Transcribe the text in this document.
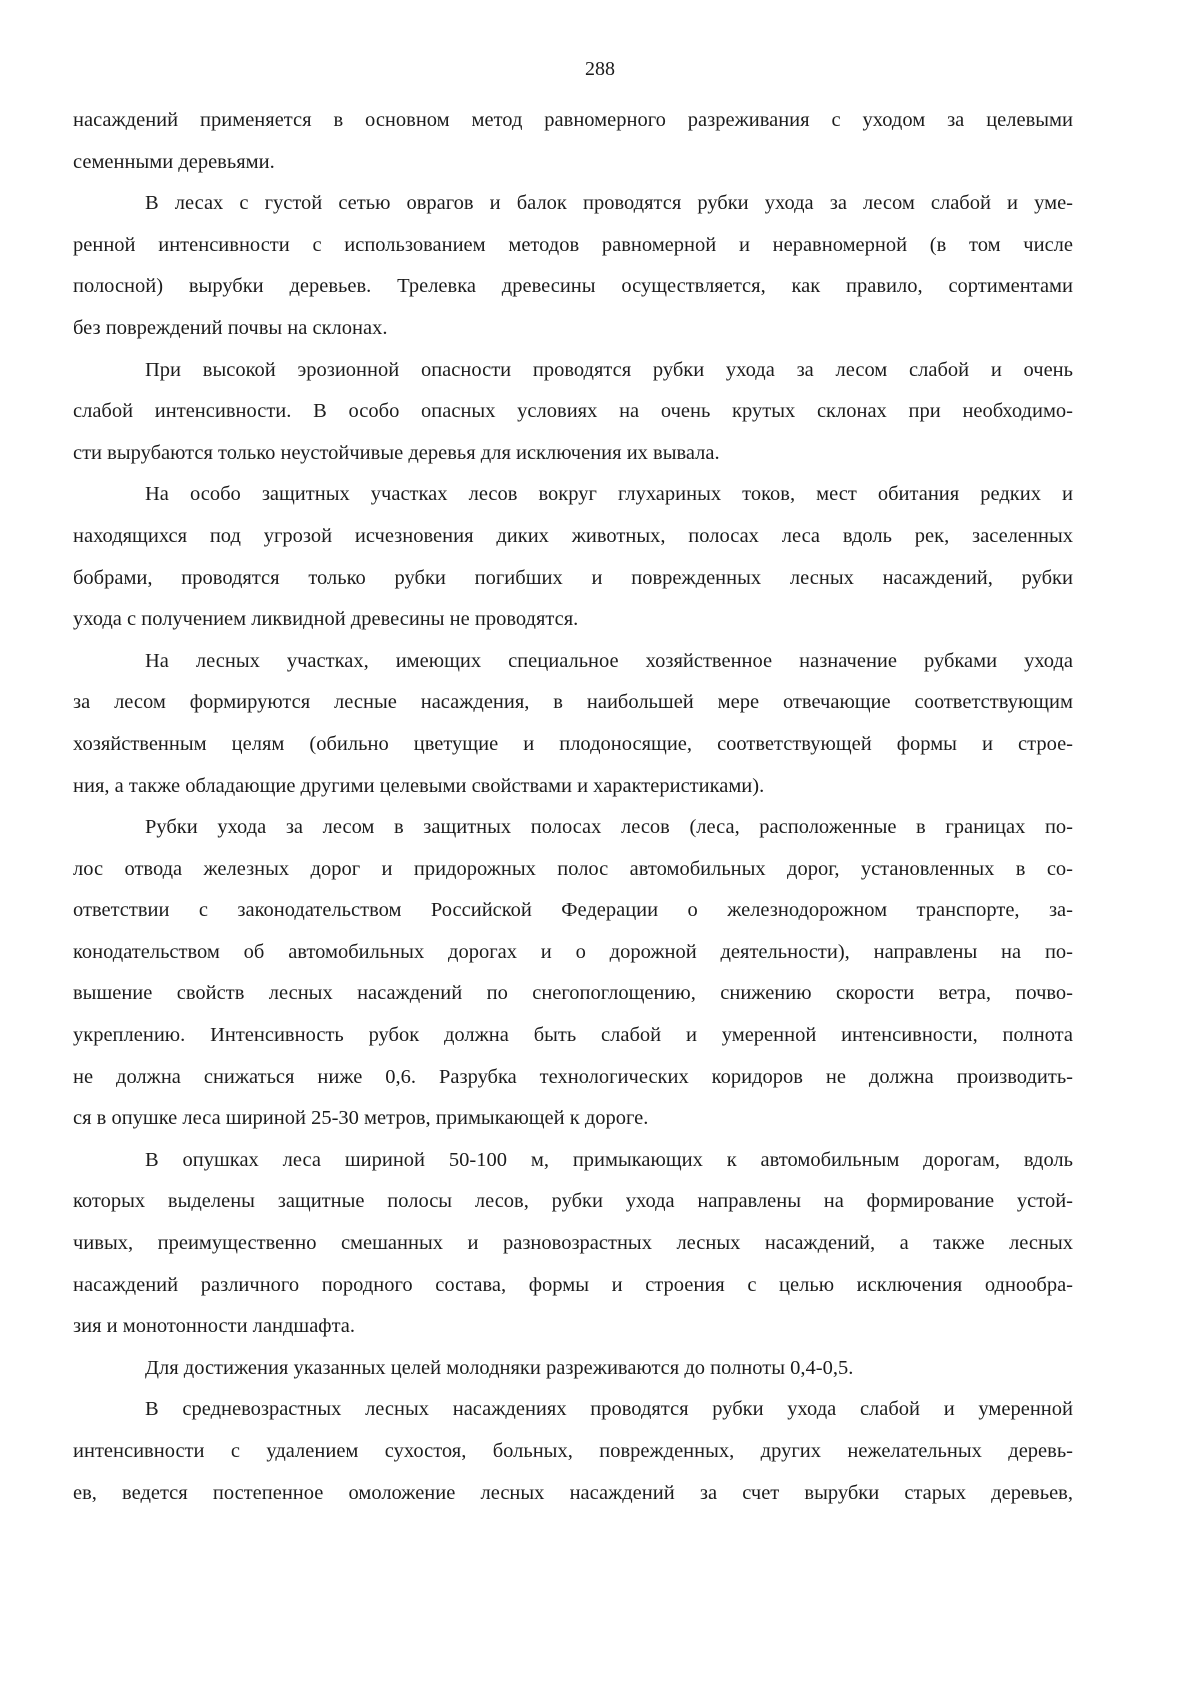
288
насаждений применяется в основном метод равномерного разреживания с уходом за целевыми
семенными деревьями.
В лесах с густой сетью оврагов и балок проводятся рубки ухода за лесом слабой и уме-
ренной интенсивности с использованием методов равномерной и неравномерной (в том числе
полосной) вырубки деревьев. Трелевка древесины осуществляется, как правило, сортиментами
без повреждений почвы на склонах.
При высокой эрозионной опасности проводятся рубки ухода за лесом слабой и очень
слабой интенсивности. В особо опасных условиях на очень крутых склонах при необходимо-
сти вырубаются только неустойчивые деревья для исключения их вывала.
На особо защитных участках лесов вокруг глухариных токов, мест обитания редких и
находящихся под угрозой исчезновения диких животных, полосах леса вдоль рек, заселенных
бобрами, проводятся только рубки погибших и поврежденных лесных насаждений, рубки
ухода с получением ликвидной древесины не проводятся.
На лесных участках, имеющих специальное хозяйственное назначение рубками ухода
за лесом формируются лесные насаждения, в наибольшей мере отвечающие соответствующим
хозяйственным целям (обильно цветущие и плодоносящие, соответствующей формы и строе-
ния, а также обладающие другими целевыми свойствами и характеристиками).
Рубки ухода за лесом в защитных полосах лесов (леса, расположенные в границах по-
лос отвода железных дорог и придорожных полос автомобильных дорог, установленных в со-
ответствии с законодательством Российской Федерации о железнодорожном транспорте, за-
конодательством об автомобильных дорогах и о дорожной деятельности), направлены на по-
вышение свойств лесных насаждений по снегопоглощению, снижению скорости ветра, почво-
укреплению. Интенсивность рубок должна быть слабой и умеренной интенсивности, полнота
не должна снижаться ниже 0,6. Разрубка технологических коридоров не должна производить-
ся в опушке леса шириной 25-30 метров, примыкающей к дороге.
В опушках леса шириной 50-100 м, примыкающих к автомобильным дорогам, вдоль
которых выделены защитные полосы лесов, рубки ухода направлены на формирование устой-
чивых, преимущественно смешанных и разновозрастных лесных насаждений, а также лесных
насаждений различного породного состава, формы и строения с целью исключения однообра-
зия и монотонности ландшафта.
Для достижения указанных целей молодняки разреживаются до полноты 0,4-0,5.
В средневозрастных лесных насаждениях проводятся рубки ухода слабой и умеренной
интенсивности с удалением сухостоя, больных, поврежденных, других нежелательных деревь-
ев, ведется постепенное омоложение лесных насаждений за счет вырубки старых деревьев,
